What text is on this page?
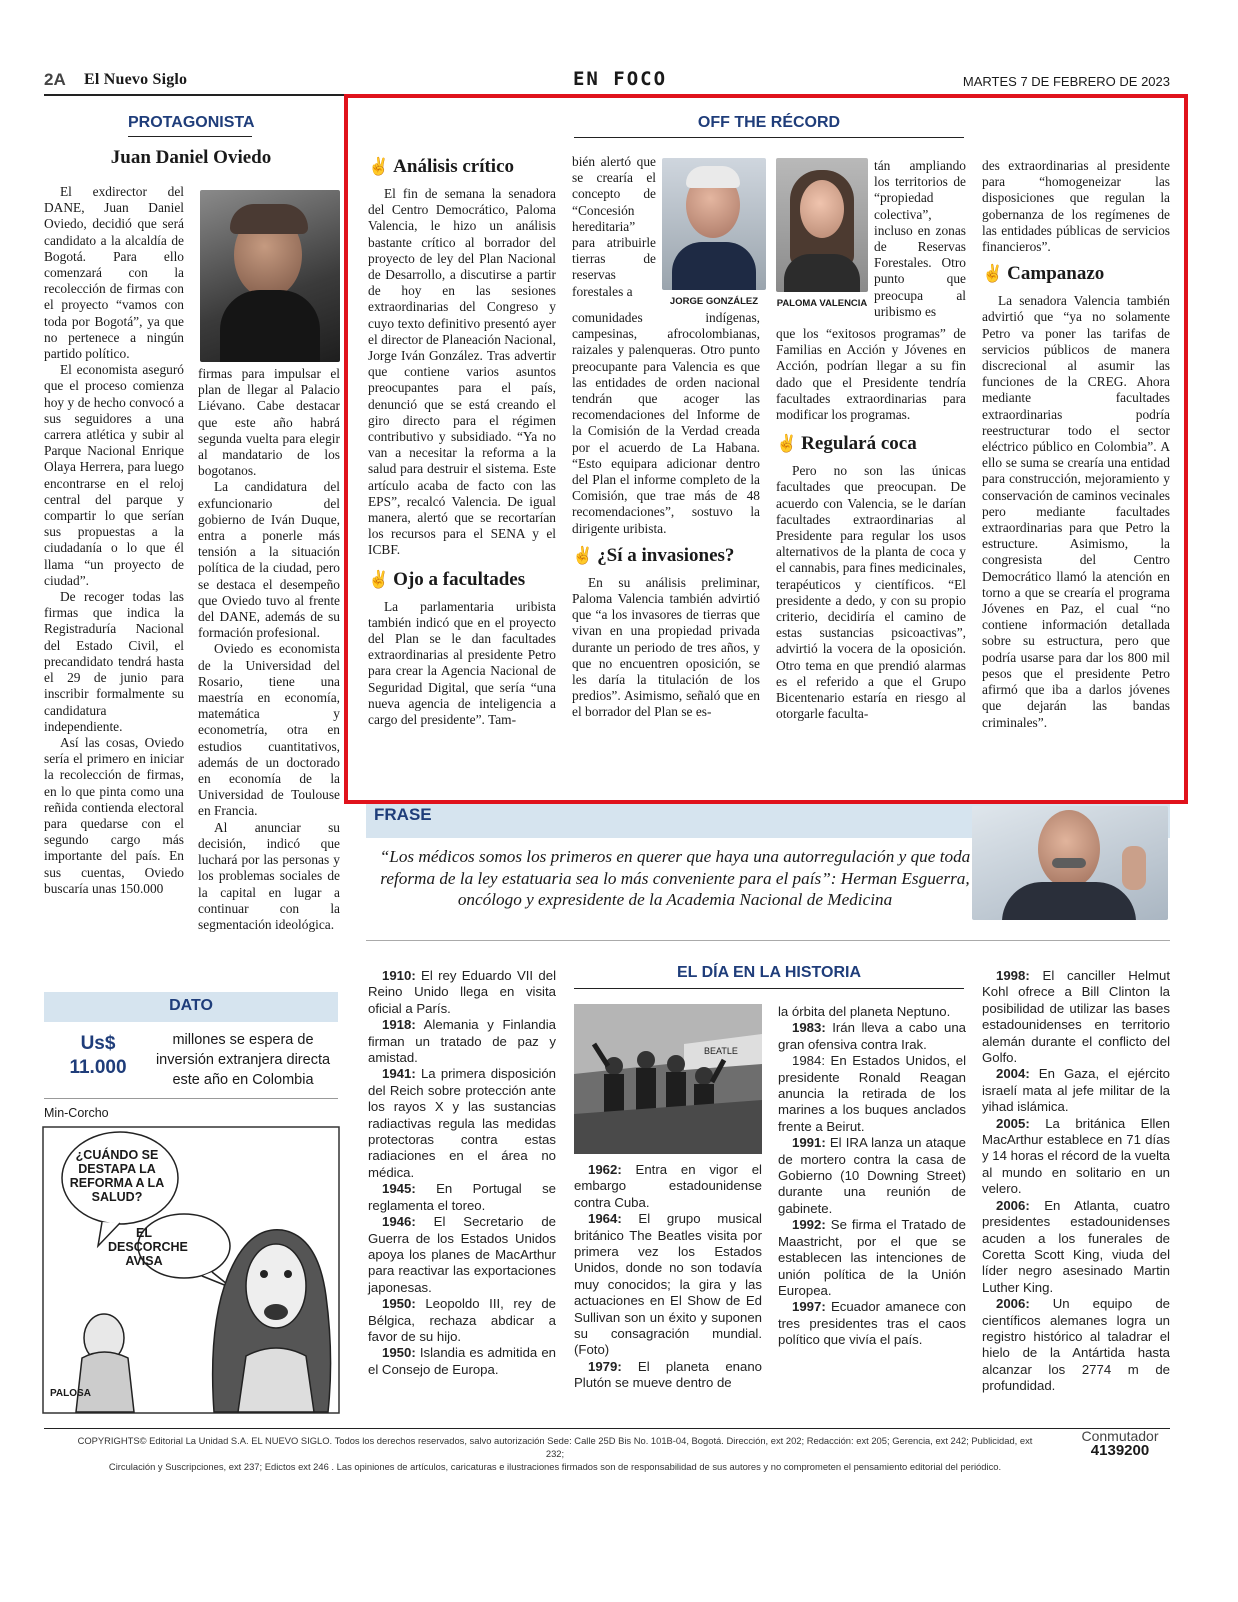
2A El Nuevo Siglo	EN FOCO	MARTES 7 DE FEBRERO DE 2023
PROTAGONISTA
Juan Daniel Oviedo

El exdirector del DANE, Juan Daniel Oviedo, decidió que será candidato a la alcaldía de Bogotá. Para ello comenzará con la recolección de firmas con el proyecto “vamos con toda por Bogotá”, ya que no pertenece a ningún partido político.

El economista aseguró que el proceso comienza hoy y de hecho convocó a sus seguidores a una carrera atlética y subir al Parque Nacional Enrique Olaya Herrera, para luego encontrarse en el reloj central del parque y compartir lo que serían sus propuestas a la ciudadanía o lo que él llama “un proyecto de ciudad”.

De recoger todas las firmas que indica la Registraduría Nacional del Estado Civil, el precandidato tendrá hasta el 29 de junio para inscribir formalmente su candidatura independiente.

Así las cosas, Oviedo sería el primero en iniciar la recolección de firmas, en lo que pinta como una reñida contienda electoral para quedarse con el segundo cargo más importante del país. En sus cuentas, Oviedo buscaría unas 150.000

firmas para impulsar el plan de llegar al Palacio Liévano. Cabe destacar que este año habrá segunda vuelta para elegir al mandatario de los bogotanos.

La candidatura del exfuncionario del gobierno de Iván Duque, entra a ponerle más tensión a la situación política de la ciudad, pero se destaca el desempeño que Oviedo tuvo al frente del DANE, además de su formación profesional.

Oviedo es economista de la Universidad del Rosario, tiene una maestría en economía, matemática y econometría, otra en estudios cuantitativos, además de un doctorado en economía de la Universidad de Toulouse en Francia.

Al anunciar su decisión, indicó que luchará por las personas y los problemas sociales de la capital en lugar a continuar con la segmentación ideológica.

DATO
Us$
11.000
millones se espera de inversión extranjera directa este año en Colombia
Min-Corcho
¿CUÁNDO SE DESTAPA LA REFORMA A LA SALUD?
EL DESCORCHE AVISA
PALOSA
OFF THE RÉCORD
✌ Análisis crítico

El fin de semana la senadora del Centro Democrático, Paloma Valencia, le hizo un análisis bastante crítico al borrador del proyecto de ley del Plan Nacional de Desarrollo, a discutirse a partir de hoy en las sesiones extraordinarias del Congreso y cuyo texto definitivo presentó ayer el director de Planeación Nacional, Jorge Iván González. Tras advertir que contiene varios asuntos preocupantes para el país, denunció que se está creando el giro directo para el régimen contributivo y subsidiado. “Ya no van a necesitar la reforma a la salud para destruir el sistema. Este artículo acaba de facto con las EPS”, recalcó Valencia. De igual manera, alertó que se recortarían los recursos para el SENA y el ICBF.

✌ Ojo a facultades

La parlamentaria uribista también indicó que en el proyecto del Plan se le dan facultades extraordinarias al presidente Petro para crear la Agencia Nacional de Seguridad Digital, que sería “una nueva agencia de inteligencia a cargo del presidente”. Tam-

bién alertó que se crearía el concepto de “Concesión hereditaria” para atribuirle tierras de reservas forestales a
JORGE GONZÁLEZ

comunidades indígenas, campesinas, afrocolombianas, raizales y palenqueras. Otro punto preocupante para Valencia es que las entidades de orden nacional tendrán que acoger las recomendaciones del Informe de la Comisión de la Verdad creada por el acuerdo de La Habana. “Esto equipara adicionar dentro del Plan el informe completo de la Comisión, que trae más de 48 recomendaciones”, sostuvo la dirigente uribista.

✌ ¿Sí a invasiones?

En su análisis preliminar, Paloma Valencia también advirtió que “a los invasores de tierras que vivan en una propiedad privada durante un periodo de tres años, y que no encuentren oposición, se les daría la titulación de los predios”. Asimismo, señaló que en el borrador del Plan se es-

PALOMA VALENCIA
tán ampliando los territorios de “propiedad colectiva”, incluso en zonas de Reservas Forestales. Otro punto que preocupa al uribismo es

que los “exitosos programas” de Familias en Acción y Jóvenes en Acción, podrían llegar a su fin dado que el Presidente tendría facultades extraordinarias para modificar los programas.

✌ Regulará coca

Pero no son las únicas facultades que preocupan. De acuerdo con Valencia, se le darían facultades extraordinarias al Presidente para regular los usos alternativos de la planta de coca y el cannabis, para fines medicinales, terapéuticos y científicos. “El presidente a dedo, y con su propio criterio, decidiría el camino de estas sustancias psicoactivas”, advirtió la vocera de la oposición. Otro tema en que prendió alarmas es el referido a que el Grupo Bicentenario estaría en riesgo al otorgarle faculta-

des extraordinarias al presidente para “homogeneizar las disposiciones que regulan la gobernanza de los regímenes de las entidades públicas de servicios financieros”.

✌ Campanazo

La senadora Valencia también advirtió que “ya no solamente Petro va poner las tarifas de servicios públicos de manera discrecional al asumir las funciones de la CREG. Ahora mediante facultades extraordinarias podría reestructurar todo el sector eléctrico público en Colombia”. A ello se suma se crearía una entidad para construcción, mejoramiento y conservación de caminos vecinales pero mediante facultades extraordinarias para que Petro la estructure. Asimismo, la congresista del Centro Democrático llamó la atención en torno a que se crearía el programa Jóvenes en Paz, el cual “no contiene información detallada sobre su estructura, pero que podría usarse para dar los 800 mil pesos que el presidente Petro afirmó que iba a darlos jóvenes que dejarán las bandas criminales”.

FRASE
“Los médicos somos los primeros en querer que haya una autorregulación y que toda reforma de la ley estatuaria sea lo más conveniente para el país”: Herman Esguerra, oncólogo y expresidente de la Academia Nacional de Medicina
EL DÍA EN LA HISTORIA

1910: El rey Eduardo VII del Reino Unido llega en visita oficial a París.

1918: Alemania y Finlandia firman un tratado de paz y amistad.

1941: La primera disposición del Reich sobre protección ante los rayos X y las sustancias radiactivas regula las medidas protectoras contra estas radiaciones en el área no médica.

1945: En Portugal se reglamenta el toreo.

1946: El Secretario de Guerra de los Estados Unidos apoya los planes de MacArthur para reactivar las exportaciones japonesas.

1950: Leopoldo III, rey de Bélgica, rechaza abdicar a favor de su hijo.

1950: Islandia es admitida en el Consejo de Europa.

BEATLE

1962: Entra en vigor el embargo estadounidense contra Cuba.

1964: El grupo musical británico The Beatles visita por primera vez los Estados Unidos, donde no son todavía muy conocidos; la gira y las actuaciones en El Show de Ed Sullivan son un éxito y suponen su consagración mundial. (Foto)

1979: El planeta enano Plutón se mueve dentro de

la órbita del planeta Neptuno.

1983: Irán lleva a cabo una gran ofensiva contra Irak.

1984: En Estados Unidos, el presidente Ronald Reagan anuncia la retirada de los marines a los buques anclados frente a Beirut.

1991: El IRA lanza un ataque de mortero contra la casa de Gobierno (10 Downing Street) durante una reunión de gabinete.

1992: Se firma el Tratado de Maastricht, por el que se establecen las intenciones de unión política de la Unión Europea.

1997: Ecuador amanece con tres presidentes tras el caos político que vivía el país.

1998: El canciller Helmut Kohl ofrece a Bill Clinton la posibilidad de utilizar las bases estadounidenses en territorio alemán durante el conflicto del Golfo.

2004: En Gaza, el ejército israelí mata al jefe militar de la yihad islámica.

2005: La británica Ellen MacArthur establece en 71 días y 14 horas el récord de la vuelta al mundo en solitario en un velero.

2006: En Atlanta, cuatro presidentes estadounidenses acuden a los funerales de Coretta Scott King, viuda del líder negro asesinado Martin Luther King.

2006: Un equipo de científicos alemanes logra un registro histórico al taladrar el hielo de la Antártida hasta alcanzar los 2774 m de profundidad.

COPYRIGHTS© Editorial La Unidad S.A. EL NUEVO SIGLO. Todos los derechos reservados, salvo autorización Sede: Calle 25D Bis No. 101B-04, Bogotá. Dirección, ext 202; Redacción: ext 205; Gerencia, ext 242; Publicidad, ext 232;
Circulación y Suscripciones, ext 237; Edictos ext 246 . Las opiniones de artículos, caricaturas e ilustraciones firmados son de responsabilidad de sus autores y no comprometen el pensamiento editorial del periódico.
Conmutador
4139200
